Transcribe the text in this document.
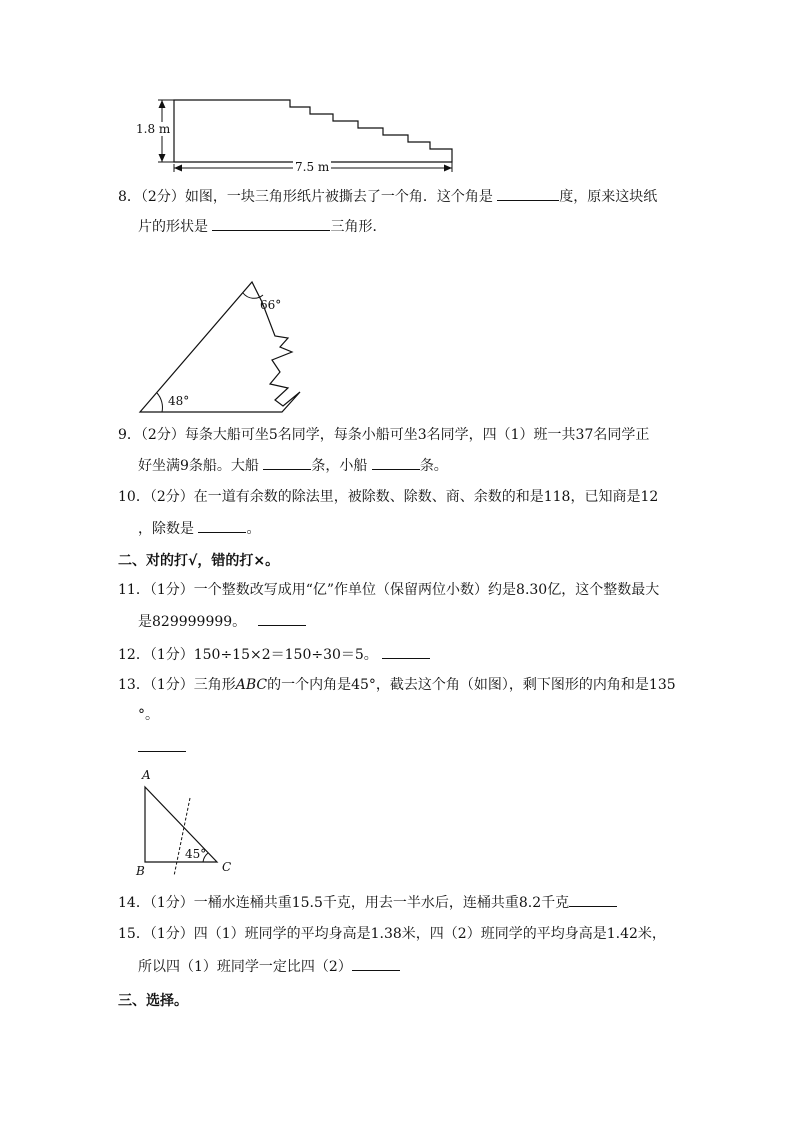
1.8 m
7.5 m
8．（2分）如图，一块三角形纸片被撕去了一个角．这个角是	度，原来这块纸
片的形状是	三角形．
66°
48°
9．（2分）每条大船可坐5名同学，每条小船可坐3名同学，四（1）班一共37名同学正
好坐满9条船。大船	条，小船	条。
10．（2分）在一道有余数的除法里，被除数、除数、商、余数的和是118，已知商是12
，除数是	。
二、对的打√，错的打×。
11．（1分）一个整数改写成用“亿”作单位（保留两位小数）约是8.30亿，这个整数最大
是829999999。
12．（1分）150÷15×2＝150÷30＝5。
13．（1分）三角形ABC的一个内角是45°，截去这个角（如图），剩下图形的内角和是135
°。
A
B	C
45°
14．（1分）一桶水连桶共重15.5千克，用去一半水后，连桶共重8.2千克
15．（1分）四（1）班同学的平均身高是1.38米，四（2）班同学的平均身高是1.42米，
所以四（1）班同学一定比四（2）
三、选择。
